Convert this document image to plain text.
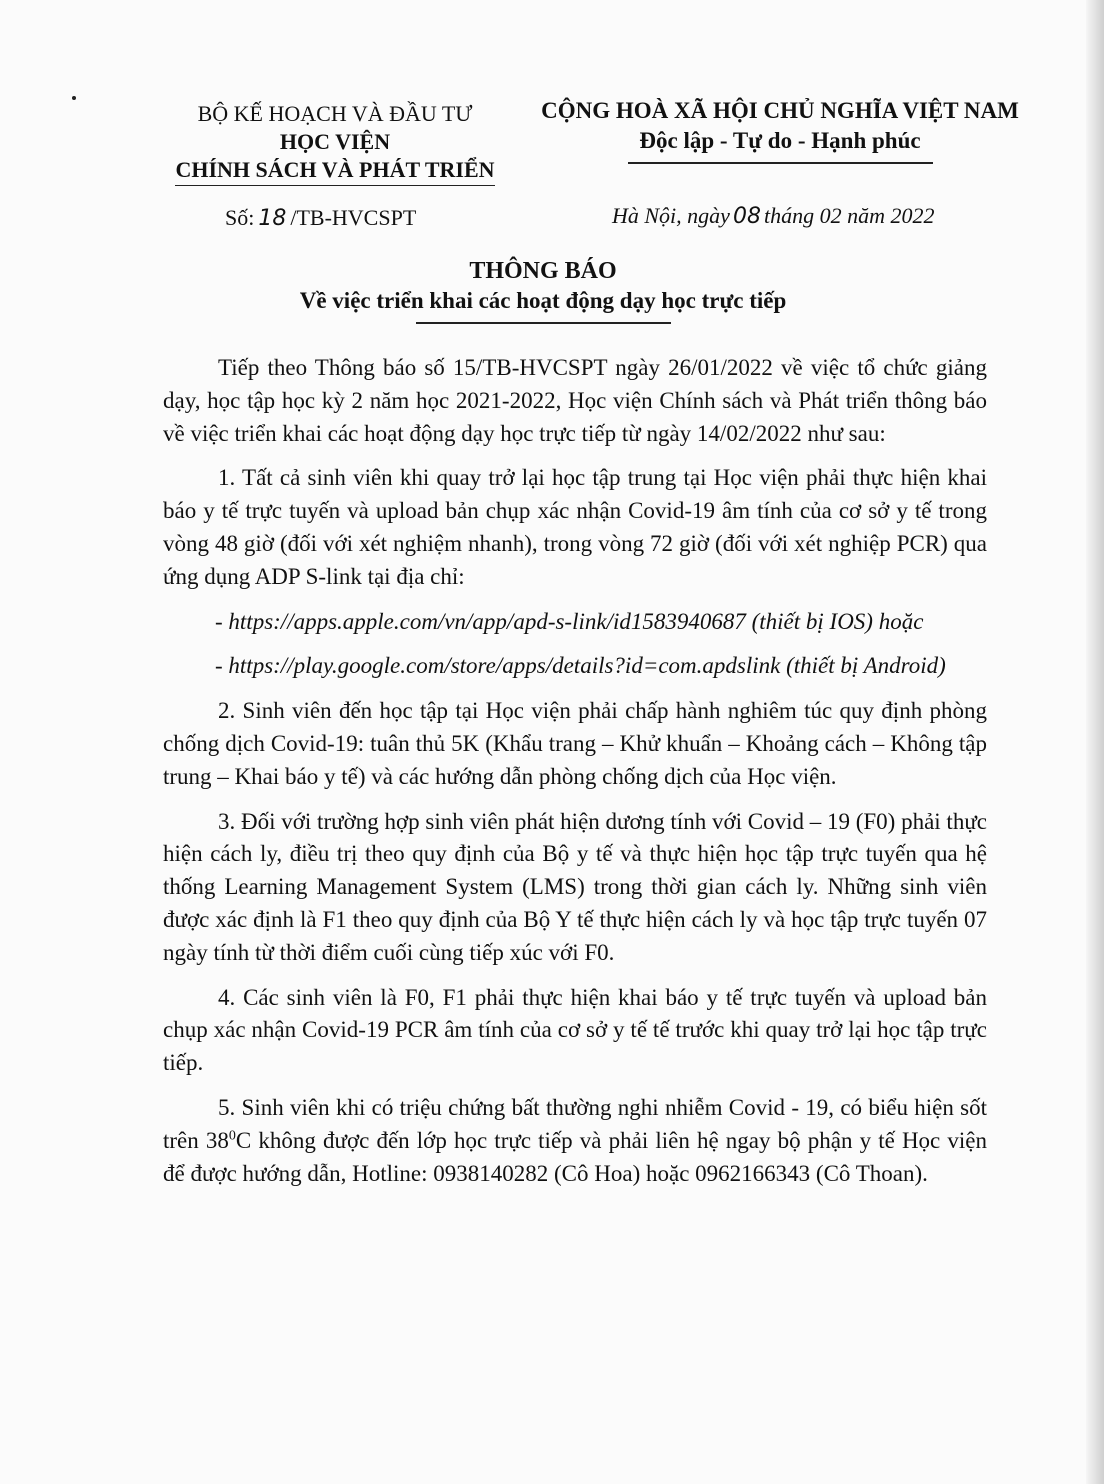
BỘ KẾ HOẠCH VÀ ĐẦU TƯ
HỌC VIỆN
CHÍNH SÁCH VÀ PHÁT TRIỂN
CỘNG HOÀ XÃ HỘI CHỦ NGHĨA VIỆT NAM
Độc lập - Tự do - Hạnh phúc
Số: 18 /TB-HVCSPT	Hà Nội, ngày 08 tháng 02 năm 2022
THÔNG BÁO
Về việc triển khai các hoạt động dạy học trực tiếp

Tiếp theo Thông báo số 15/TB-HVCSPT ngày 26/01/2022 về việc tổ chức giảng dạy, học tập học kỳ 2 năm học 2021-2022, Học viện Chính sách và Phát triển thông báo về việc triển khai các hoạt động dạy học trực tiếp từ ngày 14/02/2022 như sau:

1. Tất cả sinh viên khi quay trở lại học tập trung tại Học viện phải thực hiện khai báo y tế trực tuyến và upload bản chụp xác nhận Covid-19 âm tính của cơ sở y tế trong vòng 48 giờ (đối với xét nghiệm nhanh), trong vòng 72 giờ (đối với xét nghiệp PCR) qua ứng dụng ADP S-link tại địa chỉ:

- https://apps.apple.com/vn/app/apd-s-link/id1583940687 (thiết bị IOS) hoặc

- https://play.google.com/store/apps/details?id=com.apdslink (thiết bị Android)

2. Sinh viên đến học tập tại Học viện phải chấp hành nghiêm túc quy định phòng chống dịch Covid-19: tuân thủ 5K (Khẩu trang – Khử khuẩn – Khoảng cách – Không tập trung – Khai báo y tế) và các hướng dẫn phòng chống dịch của Học viện.

3. Đối với trường hợp sinh viên phát hiện dương tính với Covid – 19 (F0) phải thực hiện cách ly, điều trị theo quy định của Bộ y tế và thực hiện học tập trực tuyến qua hệ thống Learning Management System (LMS) trong thời gian cách ly. Những sinh viên được xác định là F1 theo quy định của Bộ Y tế thực hiện cách ly và học tập trực tuyến 07 ngày tính từ thời điểm cuối cùng tiếp xúc với F0.

4. Các sinh viên là F0, F1 phải thực hiện khai báo y tế trực tuyến và upload bản chụp xác nhận Covid-19 PCR âm tính của cơ sở y tế tế trước khi quay trở lại học tập trực tiếp.

5. Sinh viên khi có triệu chứng bất thường nghi nhiễm Covid - 19, có biểu hiện sốt trên $38^0C$ không được đến lớp học trực tiếp và phải liên hệ ngay bộ phận y tế Học viện để được hướng dẫn, Hotline: 0938140282 (Cô Hoa) hoặc 0962166343 (Cô Thoan).
